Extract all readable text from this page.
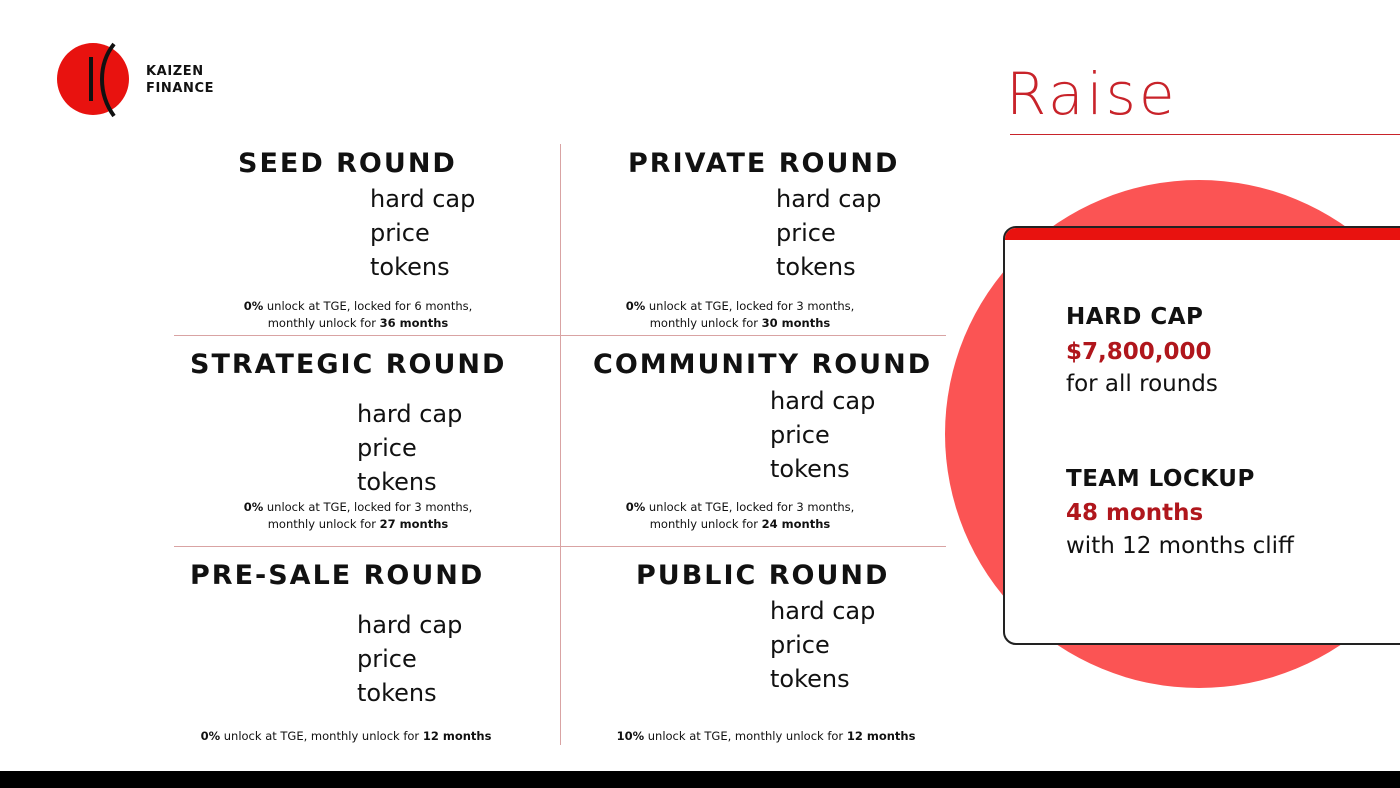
KAIZEN
FINANCE	Raise
SEED ROUND
hard cap
price
tokens
0% unlock at TGE, locked for 6 months,
monthly unlock for 36 months
PRIVATE ROUND
hard cap
price
tokens
0% unlock at TGE, locked for 3 months,
monthly unlock for 30 months
STRATEGIC ROUND
hard cap
price
tokens
0% unlock at TGE, locked for 3 months,
monthly unlock for 27 months
COMMUNITY ROUND
hard cap
price
tokens
0% unlock at TGE, locked for 3 months,
monthly unlock for 24 months
PRE-SALE ROUND
hard cap
price
tokens
0% unlock at TGE, monthly unlock for 12 months
PUBLIC ROUND
hard cap
price
tokens
10% unlock at TGE, monthly unlock for 12 months
HARD CAP
$7,800,000
for all rounds
TEAM LOCKUP
48 months
with 12 months cliff
